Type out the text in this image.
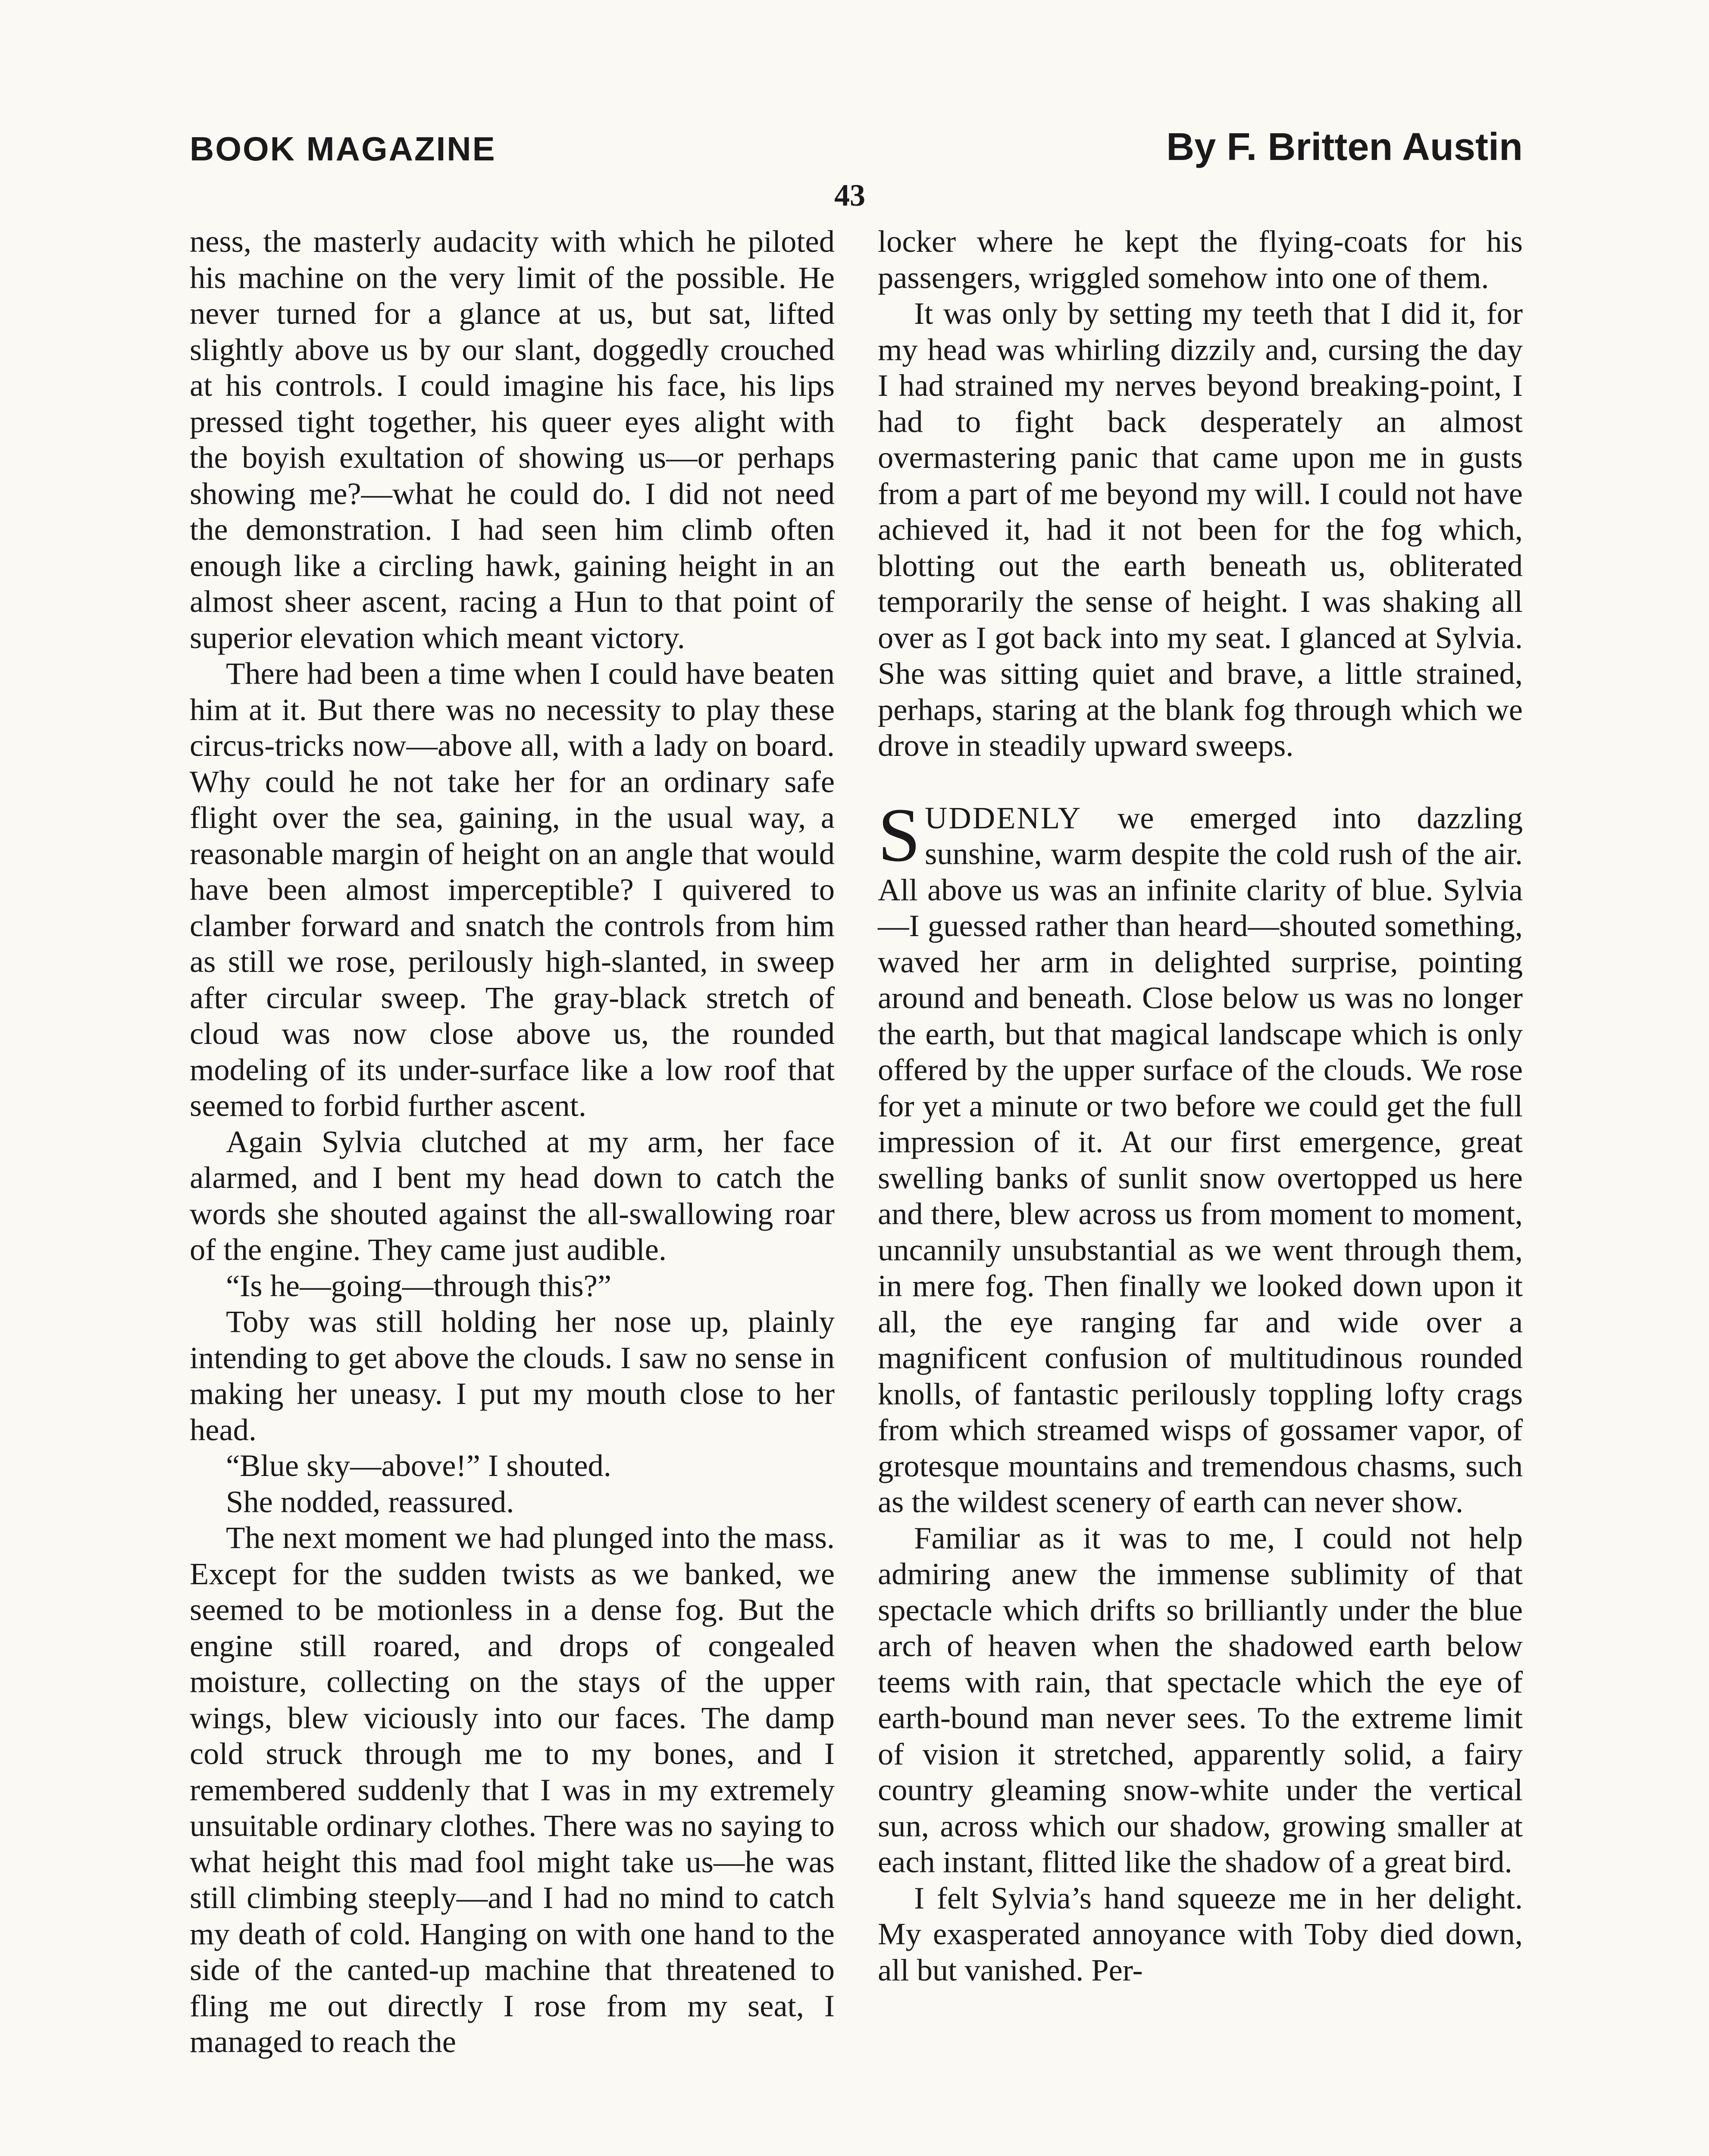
BOOK MAGAZINE	By F. Britten Austin
43

ness, the masterly audacity with which he piloted his machine on the very limit of the possible. He never turned for a glance at us, but sat, lifted slightly above us by our slant, doggedly crouched at his controls. I could imagine his face, his lips pressed tight together, his queer eyes alight with the boyish exultation of showing us—or perhaps showing me?—what he could do. I did not need the demonstration. I had seen him climb often enough like a circling hawk, gaining height in an almost sheer ascent, racing a Hun to that point of superior elevation which meant victory.

There had been a time when I could have beaten him at it. But there was no necessity to play these circus-tricks now—above all, with a lady on board. Why could he not take her for an ordinary safe flight over the sea, gaining, in the usual way, a reasonable margin of height on an angle that would have been almost imperceptible? I quivered to clamber forward and snatch the controls from him as still we rose, perilously high-slanted, in sweep after circular sweep. The gray-black stretch of cloud was now close above us, the rounded modeling of its under-surface like a low roof that seemed to forbid further ascent.

Again Sylvia clutched at my arm, her face alarmed, and I bent my head down to catch the words she shouted against the all-swallowing roar of the engine. They came just audible.

“Is he—going—through this?”

Toby was still holding her nose up, plainly intending to get above the clouds. I saw no sense in making her uneasy. I put my mouth close to her head.

“Blue sky—above!” I shouted.

She nodded, reassured.

The next moment we had plunged into the mass. Except for the sudden twists as we banked, we seemed to be motionless in a dense fog. But the engine still roared, and drops of congealed moisture, collecting on the stays of the upper wings, blew viciously into our faces. The damp cold struck through me to my bones, and I remembered suddenly that I was in my extremely unsuitable ordinary clothes. There was no saying to what height this mad fool might take us—he was still climbing steeply—and I had no mind to catch my death of cold. Hanging on with one hand to the side of the canted-up machine that threatened to fling me out directly I rose from my seat, I managed to reach the

locker where he kept the flying-coats for his passengers, wriggled somehow into one of them.

It was only by setting my teeth that I did it, for my head was whirling dizzily and, cursing the day I had strained my nerves beyond breaking-point, I had to fight back desperately an almost overmastering panic that came upon me in gusts from a part of me beyond my will. I could not have achieved it, had it not been for the fog which, blotting out the earth beneath us, obliterated temporarily the sense of height. I was shaking all over as I got back into my seat. I glanced at Sylvia. She was sitting quiet and brave, a little strained, perhaps, staring at the blank fog through which we drove in steadily upward sweeps.

SUDDENLY we emerged into dazzling sunshine, warm despite the cold rush of the air. All above us was an infinite clarity of blue. Sylvia—I guessed rather than heard—shouted something, waved her arm in delighted surprise, pointing around and beneath. Close below us was no longer the earth, but that magical landscape which is only offered by the upper surface of the clouds. We rose for yet a minute or two before we could get the full impression of it. At our first emergence, great swelling banks of sunlit snow overtopped us here and there, blew across us from moment to moment, uncannily unsubstantial as we went through them, in mere fog. Then finally we looked down upon it all, the eye ranging far and wide over a magnificent confusion of multitudinous rounded knolls, of fantastic perilously toppling lofty crags from which streamed wisps of gossamer vapor, of grotesque mountains and tremendous chasms, such as the wildest scenery of earth can never show.

Familiar as it was to me, I could not help admiring anew the immense sublimity of that spectacle which drifts so brilliantly under the blue arch of heaven when the shadowed earth below teems with rain, that spectacle which the eye of earth-bound man never sees. To the extreme limit of vision it stretched, apparently solid, a fairy country gleaming snow-white under the vertical sun, across which our shadow, growing smaller at each instant, flitted like the shadow of a great bird.

I felt Sylvia’s hand squeeze me in her delight. My exasperated annoyance with Toby died down, all but vanished. Per-
